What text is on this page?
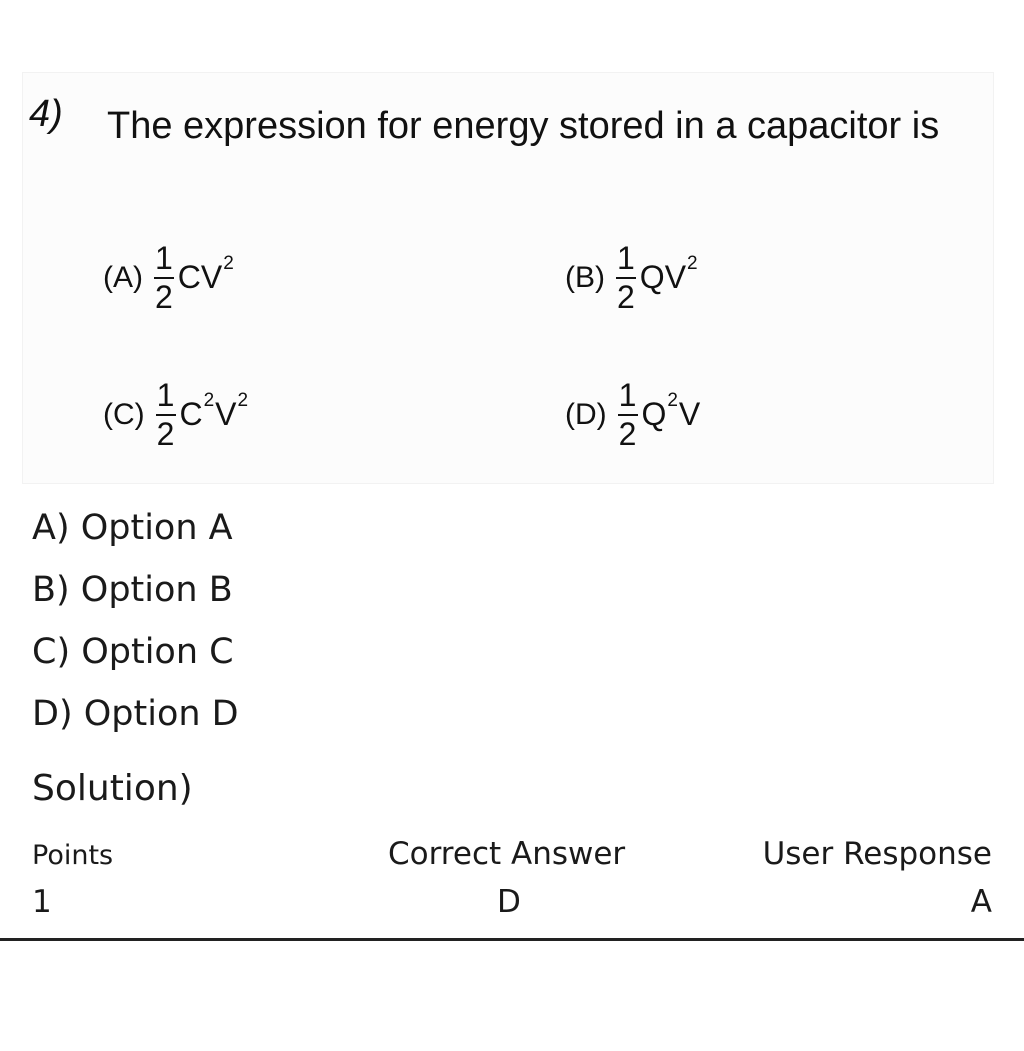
4) The expression for energy stored in a capacitor is
$(A) \frac{1}{2} CV^2$	$(B) \frac{1}{2} QV^2$
$(C) \frac{1}{2} C^2$ $V^2$	$(D) \frac{1}{2} Q^2$ V
A) Option A
B) Option B
C) Option C
D) Option D
Solution)
Points	Correct Answer	User Response
1	D	A
